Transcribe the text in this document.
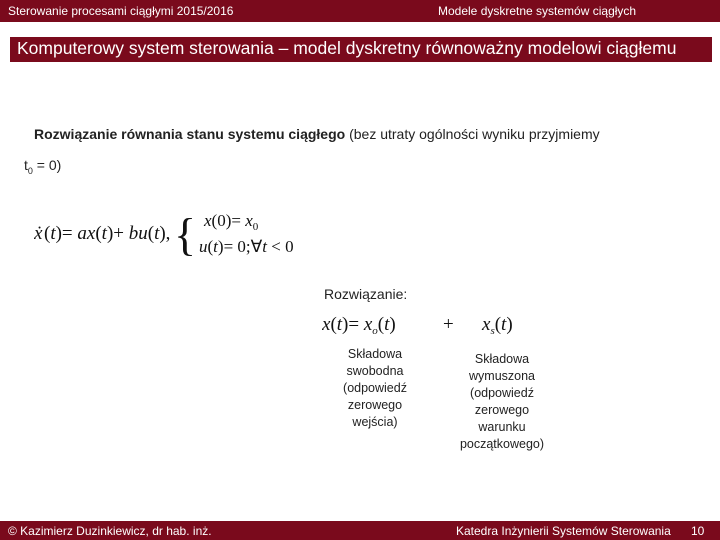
Sterowanie procesami ciągłymi 2015/2016	Modele dyskretne systemów ciągłych
Komputerowy system sterowania – model dyskretny równoważny modelowi ciągłemu
Rozwiązanie równania stanu systemu ciągłego (bez utraty ogólności wyniku przyjmiemy
$t_0 = 0$)
ẋ (t)= ax(t)+ bu(t), { $x(0)= x_0$
u(t)= 0;∀t < 0
Rozwiązanie:
$x(t)= x_o(t) + x_s(t)$
Składowa
swobodna
(odpowiedź
zerowego
wejścia)
Składowa
wymuszona
(odpowiedź
zerowego
warunku
początkowego)
© Kazimierz Duzinkiewicz, dr hab. inż.	Katedra Inżynierii Systemów Sterowania 10
